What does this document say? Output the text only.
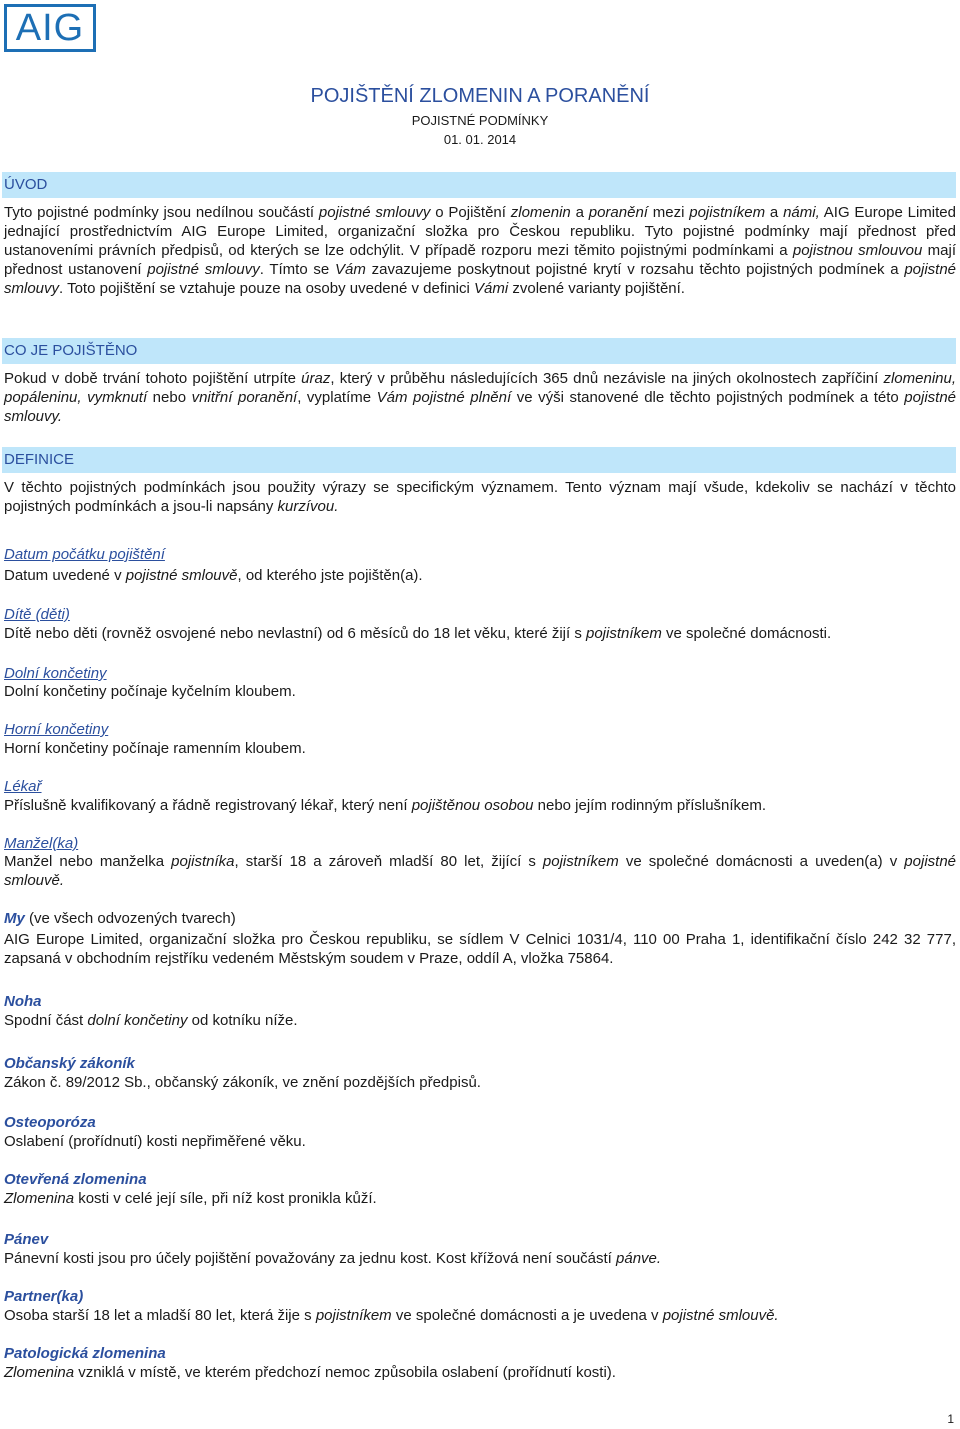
AIG
POJIŠTĚNÍ ZLOMENIN A PORANĚNÍ
POJISTNÉ PODMÍNKY
01. 01. 2014
ÚVOD

Tyto pojistné podmínky jsou nedílnou součástí pojistné smlouvy o Pojištění zlomenin a poranění mezi pojistníkem a námi, AIG Europe Limited jednající prostřednictvím AIG Europe Limited, organizační složka pro Českou republiku. Tyto pojistné podmínky mají přednost před ustanoveními právních předpisů, od kterých se lze odchýlit. V případě rozporu mezi těmito pojistnými podmínkami a pojistnou smlouvou mají přednost ustanovení pojistné smlouvy. Tímto se Vám zavazujeme poskytnout pojistné krytí v rozsahu těchto pojistných podmínek a pojistné smlouvy. Toto pojištění se vztahuje pouze na osoby uvedené v definici Vámi zvolené varianty pojištění.

CO JE POJIŠTĚNO

Pokud v době trvání tohoto pojištění utrpíte úraz, který v průběhu následujících 365 dnů nezávisle na jiných okolnostech zapříčiní zlomeninu, popáleninu, vymknutí nebo vnitřní poranění, vyplatíme Vám pojistné plnění ve výši stanovené dle těchto pojistných podmínek a této pojistné smlouvy.

DEFINICE

V těchto pojistných podmínkách jsou použity výrazy se specifickým významem. Tento význam mají všude, kdekoliv se nachází v těchto pojistných podmínkách a jsou-li napsány kurzívou.

Datum počátku pojištění

Datum uvedené v pojistné smlouvě, od kterého jste pojištěn(a).

Dítě (děti)

Dítě nebo děti (rovněž osvojené nebo nevlastní) od 6 měsíců do 18 let věku, které žijí s pojistníkem ve společné domácnosti.

Dolní končetiny

Dolní končetiny počínaje kyčelním kloubem.

Horní končetiny

Horní končetiny počínaje ramenním kloubem.

Lékař

Příslušně kvalifikovaný a řádně registrovaný lékař, který není pojištěnou osobou nebo jejím rodinným příslušníkem.

Manžel(ka)

Manžel nebo manželka pojistníka, starší 18 a zároveň mladší 80 let, žijící s pojistníkem ve společné domácnosti a uveden(a) v pojistné smlouvě.

My (ve všech odvozených tvarech)

AIG Europe Limited, organizační složka pro Českou republiku, se sídlem V Celnici 1031/4, 110 00 Praha 1, identifikační číslo 242 32 777, zapsaná v obchodním rejstříku vedeném Městským soudem v Praze, oddíl A, vložka 75864.

Noha

Spodní část dolní končetiny od kotníku níže.

Občanský zákoník

Zákon č. 89/2012 Sb., občanský zákoník, ve znění pozdějších předpisů.

Osteoporóza

Oslabení (prořídnutí) kosti nepřiměřené věku.

Otevřená zlomenina

Zlomenina kosti v celé její síle, při níž kost pronikla kůží.

Pánev

Pánevní kosti jsou pro účely pojištění považovány za jednu kost. Kost křížová není součástí pánve.

Partner(ka)

Osoba starší 18 let a mladší 80 let, která žije s pojistníkem ve společné domácnosti a je uvedena v pojistné smlouvě.

Patologická zlomenina

Zlomenina vzniklá v místě, ve kterém předchozí nemoc způsobila oslabení (prořídnutí kosti).

1
